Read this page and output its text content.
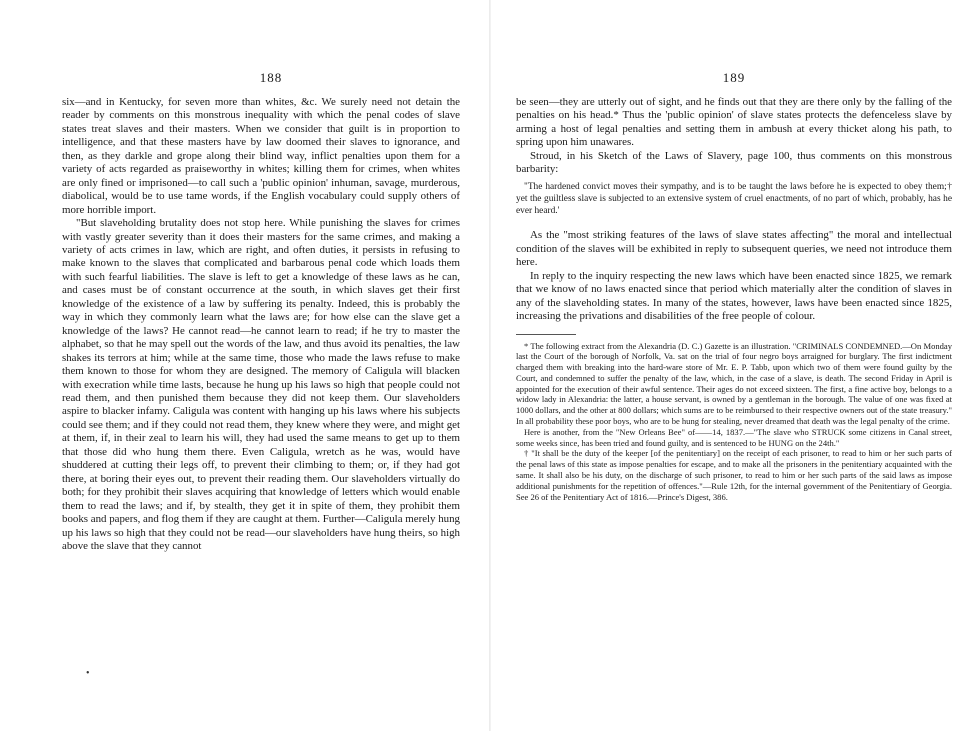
188

six—and in Kentucky, for seven more than whites, &c. We surely need not detain the reader by comments on this monstrous inequality with which the penal codes of slave states treat slaves and their masters. When we consider that guilt is in proportion to intelligence, and that these masters have by law doomed their slaves to ignorance, and then, as they darkle and grope along their blind way, inflict penalties upon them for a variety of acts regarded as praiseworthy in whites; killing them for crimes, when whites are only fined or imprisoned—to call such a 'public opinion' inhuman, savage, murderous, diabolical, would be to use tame words, if the English vocabulary could supply others of more horrible import.

"But slaveholding brutality does not stop here. While punishing the slaves for crimes with vastly greater severity than it does their masters for the same crimes, and making a variety of acts crimes in law, which are right, and often duties, it persists in refusing to make known to the slaves that complicated and barbarous penal code which loads them with such fearful liabilities. The slave is left to get a knowledge of these laws as he can, and cases must be of constant occurrence at the south, in which slaves get their first knowledge of the existence of a law by suffering its penalty. Indeed, this is probably the way in which they commonly learn what the laws are; for how else can the slave get a knowledge of the laws? He cannot read—he cannot learn to read; if he try to master the alphabet, so that he may spell out the words of the law, and thus avoid its penalties, the law shakes its terrors at him; while at the same time, those who made the laws refuse to make them known to those for whom they are designed. The memory of Caligula will blacken with execration while time lasts, because he hung up his laws so high that people could not read them, and then punished them because they did not keep them. Our slaveholders aspire to blacker infamy. Caligula was content with hanging up his laws where his subjects could see them; and if they could not read them, they knew where they were, and might get at them, if, in their zeal to learn his will, they had used the same means to get up to them that those did who hung them there. Even Caligula, wretch as he was, would have shuddered at cutting their legs off, to prevent their climbing to them; or, if they had got there, at boring their eyes out, to prevent their reading them. Our slaveholders virtually do both; for they prohibit their slaves acquiring that knowledge of letters which would enable them to read the laws; and if, by stealth, they get it in spite of them, they prohibit them books and papers, and flog them if they are caught at them. Further—Caligula merely hung up his laws so high that they could not be read—our slaveholders have hung theirs, so high above the slave that they cannot

189

be seen—they are utterly out of sight, and he finds out that they are there only by the falling of the penalties on his head.* Thus the 'public opinion' of slave states protects the defenceless slave by arming a host of legal penalties and setting them in ambush at every thicket along his path, to spring upon him unawares.

Stroud, in his Sketch of the Laws of Slavery, page 100, thus comments on this monstrous barbarity:

"The hardened convict moves their sympathy, and is to be taught the laws before he is expected to obey them;† yet the guiltless slave is subjected to an extensive system of cruel enactments, of no part of which, probably, has he ever heard.'

As the "most striking features of the laws of slave states affecting" the moral and intellectual condition of the slaves will be exhibited in reply to subsequent queries, we need not introduce them here.

In reply to the inquiry respecting the new laws which have been enacted since 1825, we remark that we know of no laws enacted since that period which materially alter the condition of slaves in any of the slaveholding states. In many of the states, however, laws have been enacted since 1825, increasing the privations and disabilities of the free people of colour.

* The following extract from the Alexandria (D. C.) Gazette is an illustration. "CRIMINALS CONDEMNED.—On Monday last the Court of the borough of Norfolk, Va. sat on the trial of four negro boys arraigned for burglary. The first indictment charged them with breaking into the hard-ware store of Mr. E. P. Tabb, upon which two of them were found guilty by the Court, and condemned to suffer the penalty of the law, which, in the case of a slave, is death. The second Friday in April is appointed for the execution of their awful sentence. Their ages do not exceed sixteen. The first, a fine active boy, belongs to a widow lady in Alexandria: the latter, a house servant, is owned by a gentleman in the borough. The value of one was fixed at 1000 dollars, and the other at 800 dollars; which sums are to be reimbursed to their respective owners out of the state treasury." In all probability these poor boys, who are to be hung for stealing, never dreamed that death was the legal penalty of the crime.

Here is another, from the "New Orleans Bee" of——14, 1837.—"The slave who STRUCK some citizens in Canal street, some weeks since, has been tried and found guilty, and is sentenced to be HUNG on the 24th."

† "It shall be the duty of the keeper [of the penitentiary] on the receipt of each prisoner, to read to him or her such parts of the penal laws of this state as impose penalties for escape, and to make all the prisoners in the penitentiary acquainted with the same. It shall also be his duty, on the discharge of such prisoner, to read to him or her such parts of the said laws as impose additional punishments for the repetition of offences."—Rule 12th, for the internal government of the Penitentiary of Georgia. See 26 of the Penitentiary Act of 1816.—Prince's Digest, 386.

•
